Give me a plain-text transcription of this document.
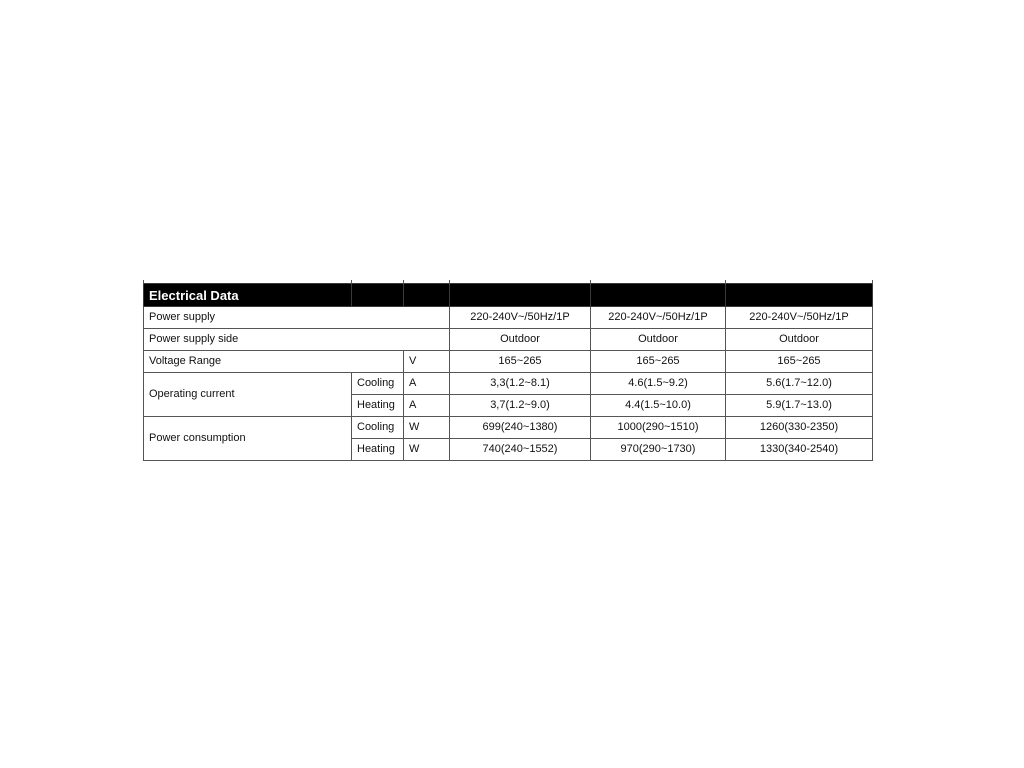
Electrical Data					
Power supply			220-240V~/50Hz/1P	220-240V~/50Hz/1P	220-240V~/50Hz/1P
Power supply side			Outdoor	Outdoor	Outdoor
Voltage Range		V	165~265	165~265	165~265
Operating current	Cooling	A	3,3(1.2~8.1)	4.6(1.5~9.2)	5.6(1.7~12.0)
	Heating	A	3,7(1.2~9.0)	4.4(1.5~10.0)	5.9(1.7~13.0)
Power consumption	Cooling	W	699(240~1380)	1000(290~1510)	1260(330-2350)
	Heating	W	740(240~1552)	970(290~1730)	1330(340-2540)
